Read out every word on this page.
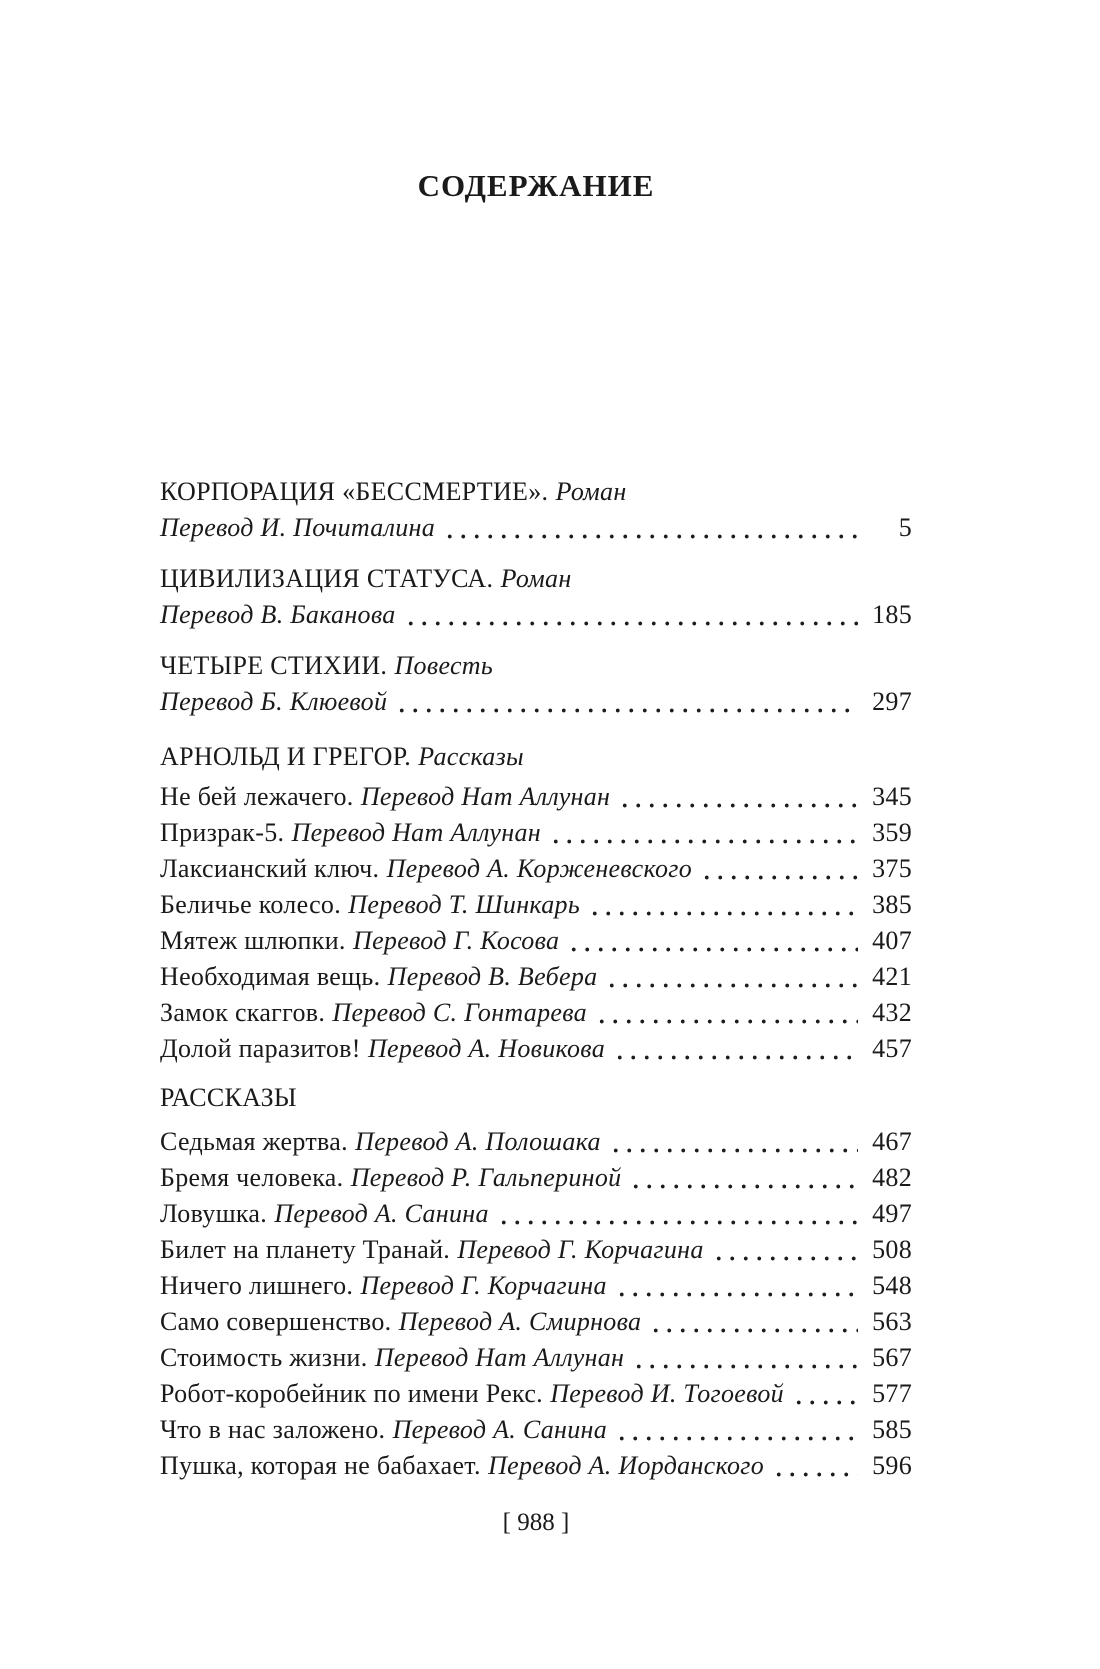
СОДЕРЖАНИЕ
КОРПОРАЦИЯ «БЕССМЕРТИЕ». Роман
Перевод И. Почиталина	5
ЦИВИЛИЗАЦИЯ СТАТУСА. Роман
Перевод В. Баканова	185
ЧЕТЫРЕ СТИХИИ. Повесть
Перевод Б. Клюевой	297
АРНОЛЬД И ГРЕГОР. Рассказы
Не бей лежачего. Перевод Нат Аллунан	345
Призрак-5. Перевод Нат Аллунан	359
Лаксианский ключ. Перевод А. Корженевского	375
Беличье колесо. Перевод Т. Шинкарь	385
Мятеж шлюпки. Перевод Г. Косова	407
Необходимая вещь. Перевод В. Вебера	421
Замок скаггов. Перевод С. Гонтарева	432
Долой паразитов! Перевод А. Новикова	457
РАССКАЗЫ
Седьмая жертва. Перевод А. Полошака	467
Бремя человека. Перевод Р. Гальпериной	482
Ловушка. Перевод А. Санина	497
Билет на планету Транай. Перевод Г. Корчагина	508
Ничего лишнего. Перевод Г. Корчагина	548
Само совершенство. Перевод А. Смирнова	563
Стоимость жизни. Перевод Нат Аллунан	567
Робот-коробейник по имени Рекс. Перевод И. Тогоевой	577
Что в нас заложено. Перевод А. Санина	585
Пушка, которая не бабахает. Перевод А. Иорданского	596
[ 988 ]
